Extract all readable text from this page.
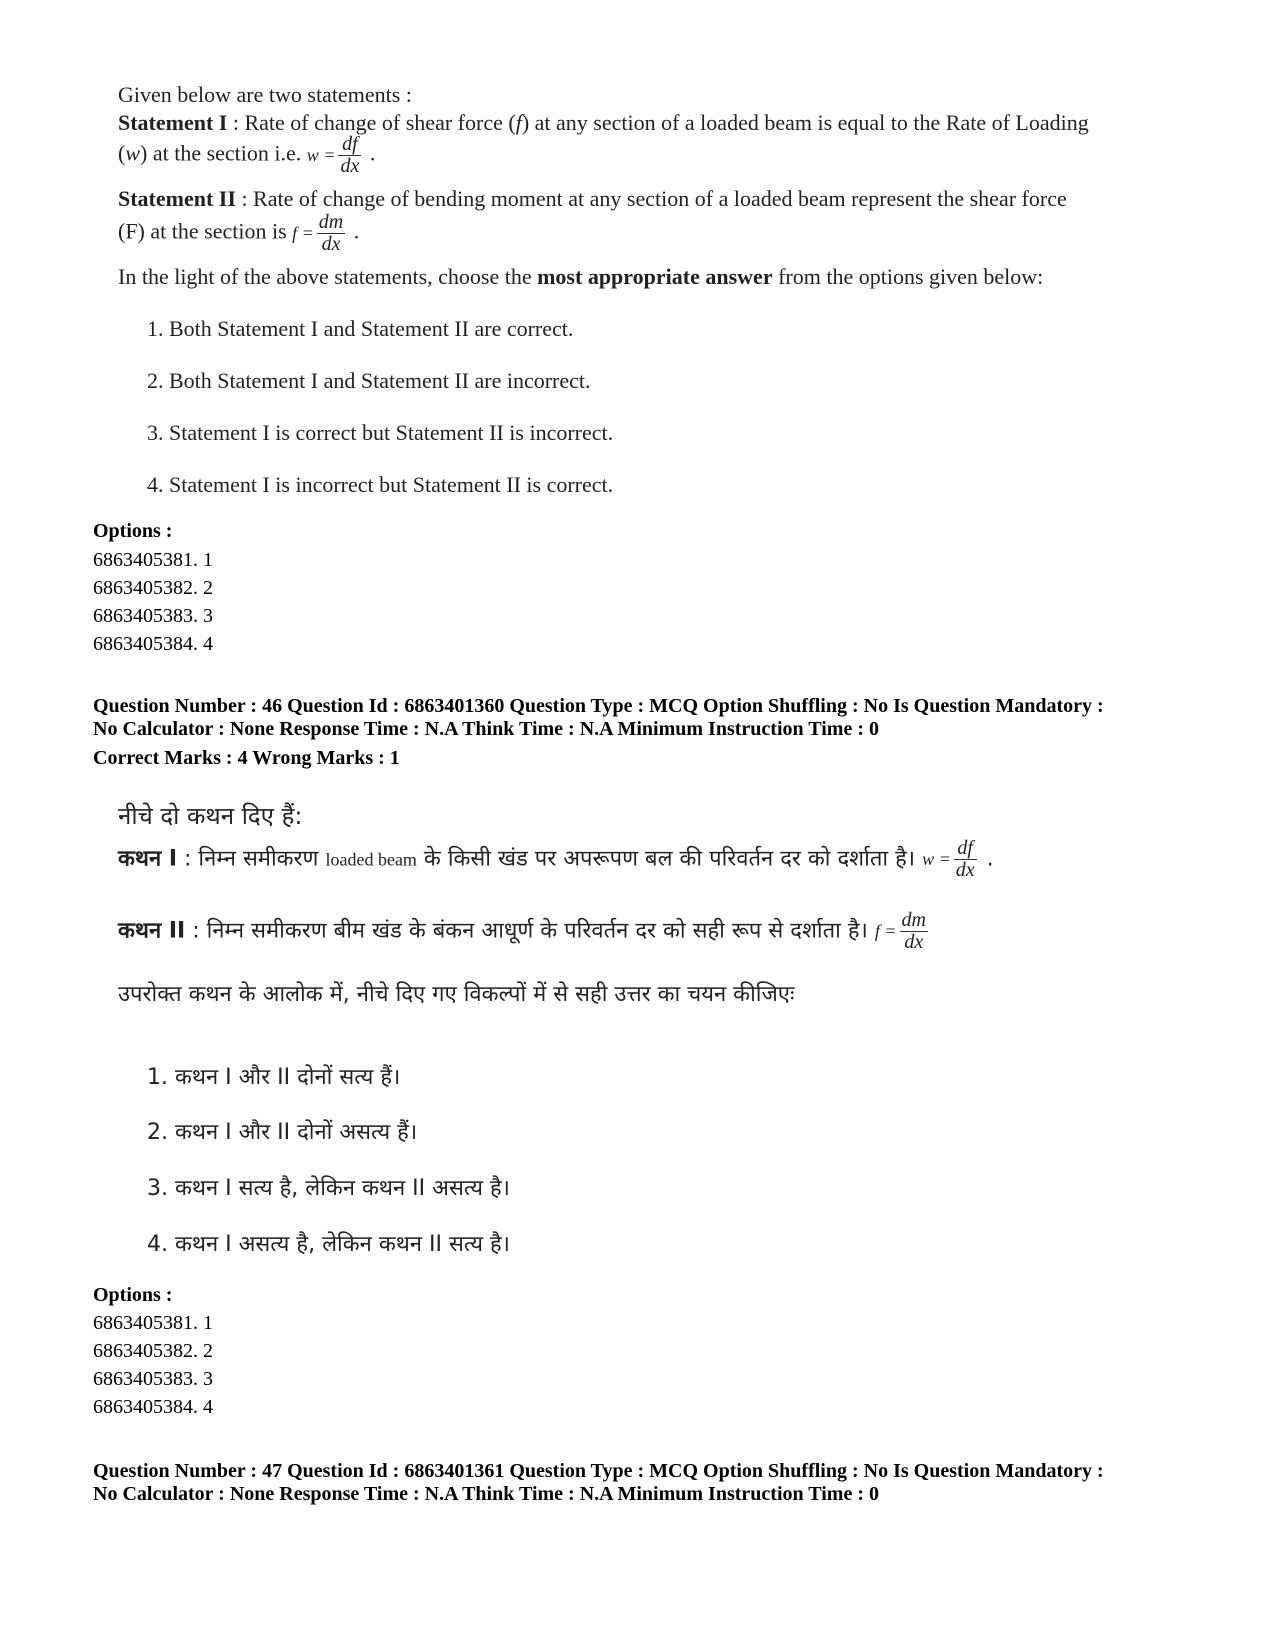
Given below are two statements :
Statement I : Rate of change of shear force (f) at any section of a loaded beam is equal to the Rate of Loading
(w) at the section i.e. $w = \frac{df}{dx}$ .
Statement II : Rate of change of bending moment at any section of a loaded beam represent the shear force
(F) at the section is $f = \frac{dm}{dx}$ .
In the light of the above statements, choose the most appropriate answer from the options given below:
1. Both Statement I and Statement II are correct.
2. Both Statement I and Statement II are incorrect.
3. Statement I is correct but Statement II is incorrect.
4. Statement I is incorrect but Statement II is correct.
Options :
6863405381. 1
6863405382. 2
6863405383. 3
6863405384. 4
Question Number : 46 Question Id : 6863401360 Question Type : MCQ Option Shuffling : No Is Question Mandatory :
No Calculator : None Response Time : N.A Think Time : N.A Minimum Instruction Time : 0
Correct Marks : 4 Wrong Marks : 1
नीचे दो कथन दिए हैं:
कथन I : निम्न समीकरण loaded beam के किसी खंड पर अपरूपण बल की परिवर्तन दर को दर्शाता है। $w = \frac{df}{dx}$ .
कथन II : निम्न समीकरण बीम खंड के बंकन आधूर्ण के परिवर्तन दर को सही रूप से दर्शाता है। $f = \frac{dm}{dx}$
उपरोक्त कथन के आलोक में, नीचे दिए गए विकल्पों में से सही उत्तर का चयन कीजिएः
1. कथन I और II दोनों सत्य हैं।
2. कथन I और II दोनों असत्य हैं।
3. कथन I सत्य है, लेकिन कथन II असत्य है।
4. कथन I असत्य है, लेकिन कथन II सत्य है।
Options :
6863405381. 1
6863405382. 2
6863405383. 3
6863405384. 4
Question Number : 47 Question Id : 6863401361 Question Type : MCQ Option Shuffling : No Is Question Mandatory :
No Calculator : None Response Time : N.A Think Time : N.A Minimum Instruction Time : 0
